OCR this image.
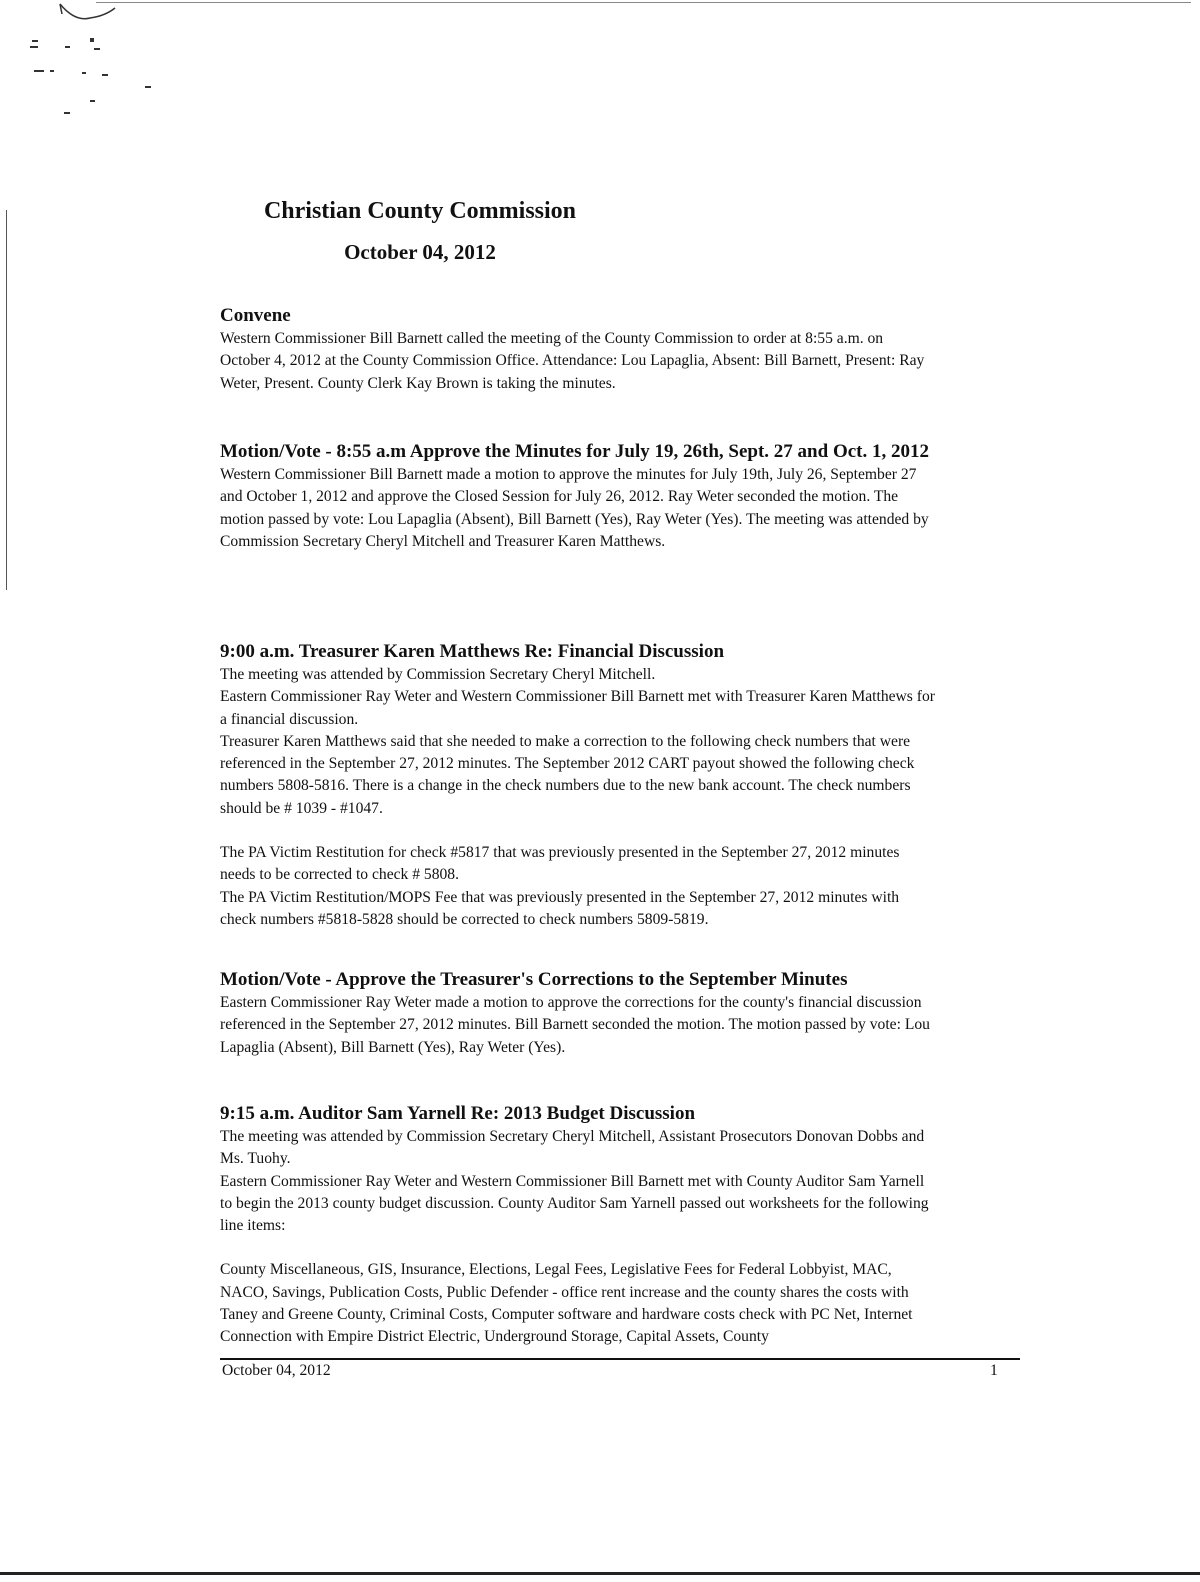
Christian County Commission
October 04, 2012
Convene

Western Commissioner Bill Barnett called the meeting of the County Commission to order at 8:55 a.m. on October 4, 2012 at the County Commission Office. Attendance: Lou Lapaglia, Absent: Bill Barnett, Present: Ray Weter, Present. County Clerk Kay Brown is taking the minutes.

Motion/Vote - 8:55 a.m Approve the Minutes for July 19, 26th, Sept. 27 and Oct. 1, 2012

Western Commissioner Bill Barnett made a motion to approve the minutes for July 19th, July 26, September 27 and October 1, 2012 and approve the Closed Session for July 26, 2012. Ray Weter seconded the motion. The motion passed by vote: Lou Lapaglia (Absent), Bill Barnett (Yes), Ray Weter (Yes). The meeting was attended by Commission Secretary Cheryl Mitchell and Treasurer Karen Matthews.

9:00 a.m. Treasurer Karen Matthews Re: Financial Discussion

The meeting was attended by Commission Secretary Cheryl Mitchell.

Eastern Commissioner Ray Weter and Western Commissioner Bill Barnett met with Treasurer Karen Matthews for a financial discussion.

Treasurer Karen Matthews said that she needed to make a correction to the following check numbers that were referenced in the September 27, 2012 minutes. The September 2012 CART payout showed the following check numbers 5808-5816. There is a change in the check numbers due to the new bank account. The check numbers should be # 1039 - #1047.

The PA Victim Restitution for check #5817 that was previously presented in the September 27, 2012 minutes needs to be corrected to check # 5808.

The PA Victim Restitution/MOPS Fee that was previously presented in the September 27, 2012 minutes with check numbers #5818-5828 should be corrected to check numbers 5809-5819.

Motion/Vote - Approve the Treasurer's Corrections to the September Minutes

Eastern Commissioner Ray Weter made a motion to approve the corrections for the county's financial discussion referenced in the September 27, 2012 minutes. Bill Barnett seconded the motion. The motion passed by vote: Lou Lapaglia (Absent), Bill Barnett (Yes), Ray Weter (Yes).

9:15 a.m. Auditor Sam Yarnell Re: 2013 Budget Discussion

The meeting was attended by Commission Secretary Cheryl Mitchell, Assistant Prosecutors Donovan Dobbs and Ms. Tuohy.

Eastern Commissioner Ray Weter and Western Commissioner Bill Barnett met with County Auditor Sam Yarnell to begin the 2013 county budget discussion. County Auditor Sam Yarnell passed out worksheets for the following line items:

County Miscellaneous, GIS, Insurance, Elections, Legal Fees, Legislative Fees for Federal Lobbyist, MAC, NACO, Savings, Publication Costs, Public Defender - office rent increase and the county shares the costs with Taney and Greene County, Criminal Costs, Computer software and hardware costs check with PC Net, Internet Connection with Empire District Electric, Underground Storage, Capital Assets, County

October 04, 2012	1
